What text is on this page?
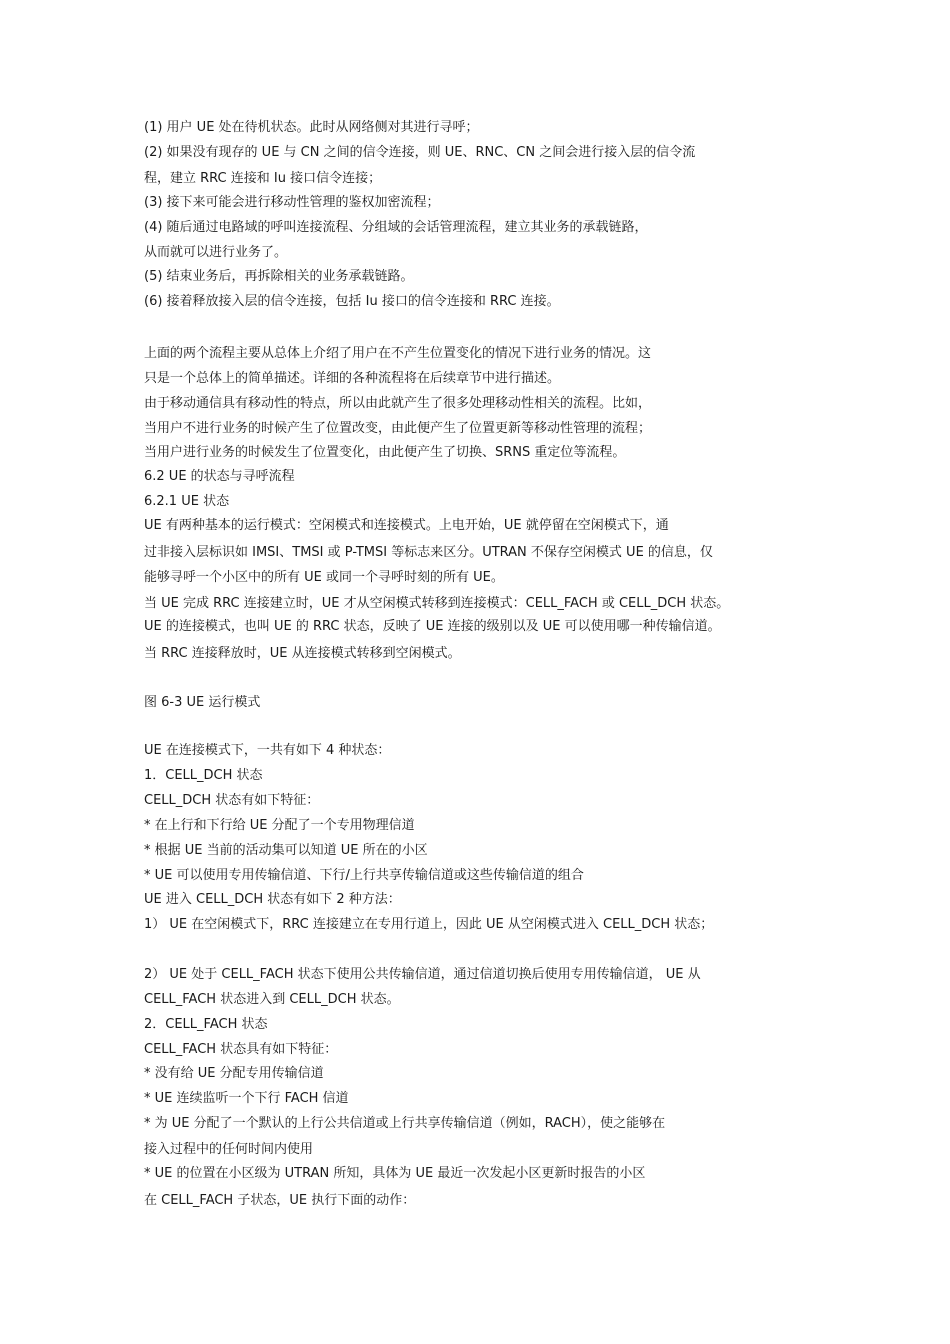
(1) 用户 UE 处在待机状态。此时从网络侧对其进行寻呼；

(2) 如果没有现存的 UE 与 CN 之间的信令连接，则 UE、RNC、CN 之间会进行接入层的信令流

程，建立 RRC 连接和 Iu 接口信令连接；

(3) 接下来可能会进行移动性管理的鉴权加密流程；

(4) 随后通过电路域的呼叫连接流程、分组域的会话管理流程，建立其业务的承载链路，

从而就可以进行业务了。

(5) 结束业务后，再拆除相关的业务承载链路。

(6) 接着释放接入层的信令连接，包括 Iu 接口的信令连接和 RRC 连接。

上面的两个流程主要从总体上介绍了用户在不产生位置变化的情况下进行业务的情况。这

只是一个总体上的简单描述。详细的各种流程将在后续章节中进行描述。

由于移动通信具有移动性的特点，所以由此就产生了很多处理移动性相关的流程。比如，

当用户不进行业务的时候产生了位置改变，由此便产生了位置更新等移动性管理的流程；

当用户进行业务的时候发生了位置变化，由此便产生了切换、SRNS 重定位等流程。

6.2 UE 的状态与寻呼流程

6.2.1 UE 状态

UE 有两种基本的运行模式：空闲模式和连接模式。上电开始，UE 就停留在空闲模式下，通

过非接入层标识如 IMSI、TMSI 或 P-TMSI 等标志来区分。UTRAN 不保存空闲模式 UE 的信息，仅

能够寻呼一个小区中的所有 UE 或同一个寻呼时刻的所有 UE。

当 UE 完成 RRC 连接建立时，UE 才从空闲模式转移到连接模式：CELL_FACH 或 CELL_DCH 状态。

UE 的连接模式，也叫 UE 的 RRC 状态，反映了 UE 连接的级别以及 UE 可以使用哪一种传输信道。

当 RRC 连接释放时，UE 从连接模式转移到空闲模式。

图 6-3 UE 运行模式

UE 在连接模式下，一共有如下 4 种状态：

1．CELL_DCH 状态

CELL_DCH 状态有如下特征：

* 在上行和下行给 UE 分配了一个专用物理信道

* 根据 UE 当前的活动集可以知道 UE 所在的小区

* UE 可以使用专用传输信道、下行/上行共享传输信道或这些传输信道的组合

UE 进入 CELL_DCH 状态有如下 2 种方法：

1） UE 在空闲模式下，RRC 连接建立在专用行道上，因此 UE 从空闲模式进入 CELL_DCH 状态；

2） UE 处于 CELL_FACH 状态下使用公共传输信道，通过信道切换后使用专用传输信道， UE 从

CELL_FACH 状态进入到 CELL_DCH 状态。

2．CELL_FACH 状态

CELL_FACH 状态具有如下特征：

* 没有给 UE 分配专用传输信道

* UE 连续监听一个下行 FACH 信道

* 为 UE 分配了一个默认的上行公共信道或上行共享传输信道（例如，RACH），使之能够在

接入过程中的任何时间内使用

* UE 的位置在小区级为 UTRAN 所知，具体为 UE 最近一次发起小区更新时报告的小区

在 CELL_FACH 子状态，UE 执行下面的动作：
